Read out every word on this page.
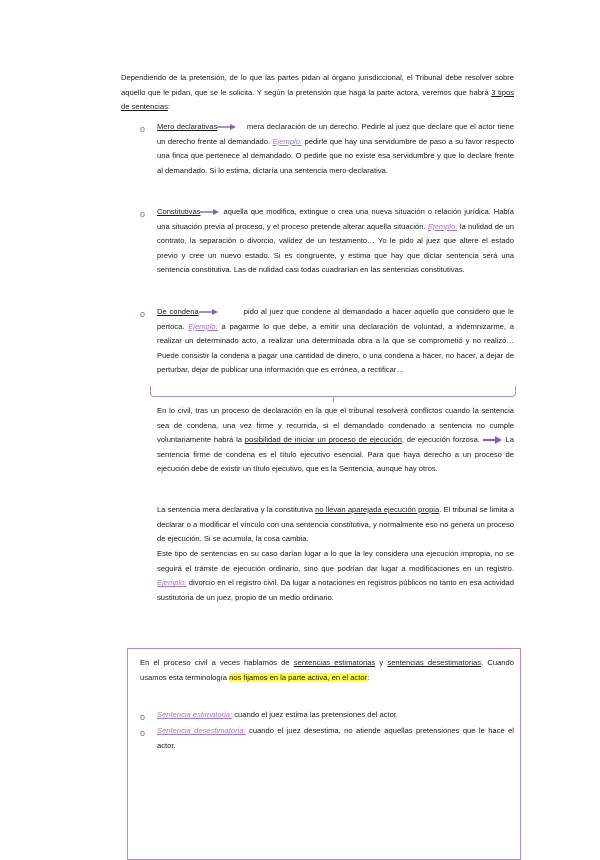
Dependiendo de la pretensión, de lo que las partes pidan al órgano jurisdiccional, el Tribunal debe resolver sobre aquello que le pidan, que se le solicita. Y según la pretensión que haga la parte actora, veremos que habrá 3 tipos de sentencias:

o Mero declarativas	mera declaración de un derecho. Pedirle al juez que declare que el actor tiene un derecho frente al demandado. Ejemplo: pedirle que hay una servidumbre de paso a su favor respecto una finca que pertenece al demandado. O pedirle que no existe esa servidumbre y que lo declare frente al demandado. Si lo estima, dictaría una sentencia mero-declarativa.

o Constitutivas	aquella que modifica, extingue o crea una nueva situación o relación jurídica. Había una situación previa al proceso, y el proceso pretende alterar aquella situación. Ejemplo: la nulidad de un contrato, la separación o divorcio, validez de un testamento… Yo le pido al juez que altere el estado previo y cree un nuevo estado. Si es congruente, y estima que hay que dictar sentencia será una sentencia constitutiva. Las de nulidad casi todas cuadrarían en las sentencias constitutivas.

o De condena	pido al juez que condene al demandado a hacer aquello que considero que le pertoca. Ejemplo: a pagarme lo que debe, a emitir una declaración de voluntad, a indemnizarme, a realizar un determinado acto, a realizar una determinada obra a la que se comprometió y no realizó… Puede consistir la condena a pagar una cantidad de dinero, o una condena a hacer, no hacer, a dejar de perturbar, dejar de publicar una información que es errónea, a rectificar…

En lo civil, tras un proceso de declaración en la que el tribunal resolverá conflictos cuando la sentencia sea de condena, una vez firme y recurrida, si el demandado condenado a sentencia no cumple voluntariamente habrá la posibilidad de iniciar un proceso de ejecución, de ejecución forzosa.	La sentencia firme de condena es el título ejecutivo esencial. Para que haya derecho a un proceso de ejecución debe de existir un título ejecutivo, que es la Sentencia, aunque hay otros.

La sentencia mera declarativa y la constitutiva no llevan aparejada ejecución propia. El tribunal se limita a declarar o a modificar el vínculo con una sentencia constitutiva, y normalmente eso no genera un proceso de ejecución. Si se acumula, la cosa cambia.

Este tipo de sentencias en su caso darían lugar a lo que la ley considera una ejecución impropia, no se seguirá el trámite de ejecución ordinario, sino que podrían dar lugar a modificaciones en un registro. Ejemplo: divorcio en el registro civil. Da lugar a notaciones en registros públicos no tanto en esa actividad sustitutoria de un juez, propio de un medio ordinario.

En el proceso civil a veces hablamos de sentencias estimatorias y sentencias desestimatorias. Cuando usamos esta terminología nos fijamos en la parte activa, en el actor:

o Sentencia estimatoria: cuando el juez estima las pretensiones del actor.

o Sentencia desestimatoria: cuando el juez desestima, no atiende aquellas pretensiones que le hace el actor.
